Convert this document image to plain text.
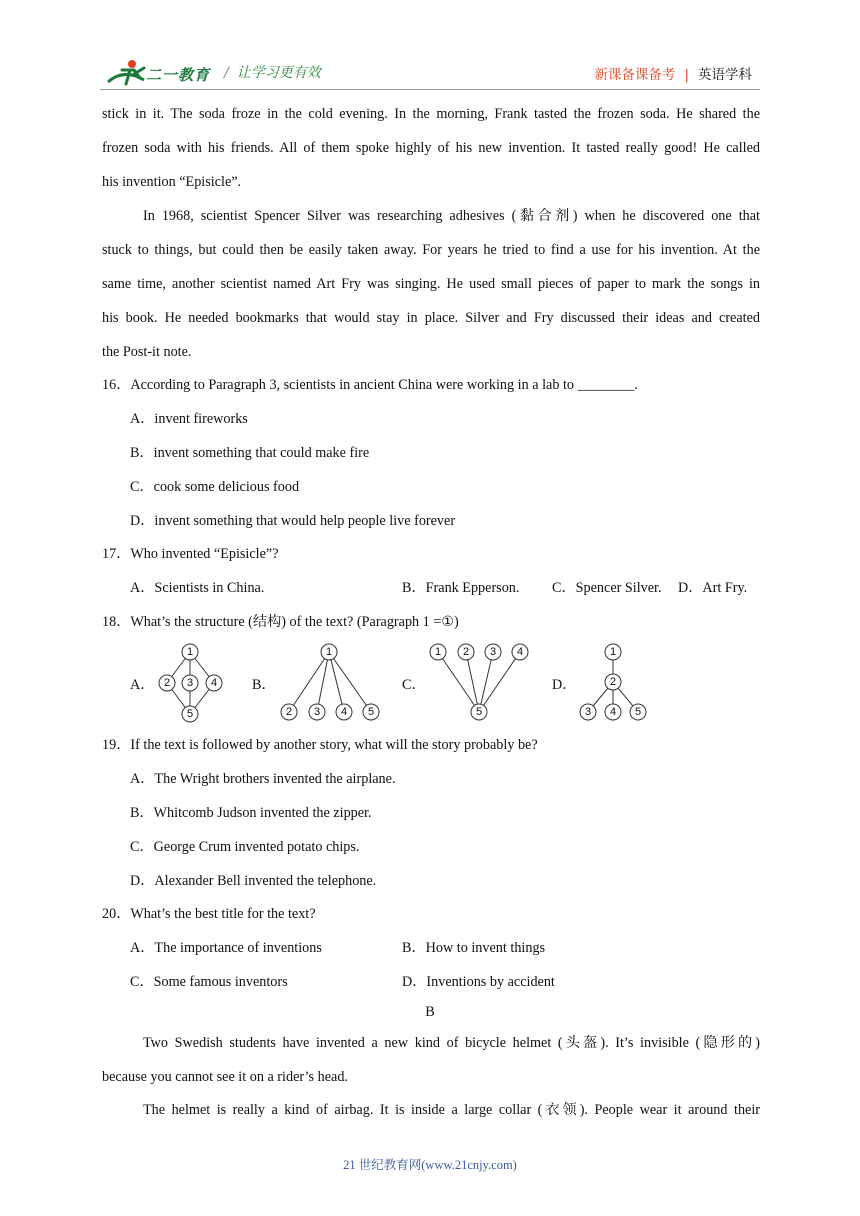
二一教育 / 让学习更有效	新课备课备考 | 英语学科
stick in it. The soda froze in the cold evening. In the morning, Frank tasted the frozen soda. He shared the
frozen soda with his friends. All of them spoke highly of his new invention. It tasted really good! He called
his invention “Episicle”.
In 1968, scientist Spencer Silver was researching adhesives (黏合剂) when he discovered one that
stuck to things, but could then be easily taken away. For years he tried to find a use for his invention. At the
same time, another scientist named Art Fry was singing. He used small pieces of paper to mark the songs in
his book. He needed bookmarks that would stay in place. Silver and Fry discussed their ideas and created
the Post-it note.
16．According to Paragraph 3, scientists in ancient China were working in a lab to ________.
A．invent fireworks
B．invent something that could make fire
C．cook some delicious food
D．invent something that would help people live forever
17．Who invented “Episicle”?
A．Scientists in China.	B．Frank Epperson. C．Spencer Silver. D．Art Fry.
18．What’s the structure (结构) of the text? (Paragraph 1 =①)
A．
1
2 3 4
5
B．
1
2 3 4 5
C．
1 2 3 4
5
D．
1
2
3 4 5
19．If the text is followed by another story, what will the story probably be?
A．The Wright brothers invented the airplane.
B．Whitcomb Judson invented the zipper.
C．George Crum invented potato chips.
D．Alexander Bell invented the telephone.
20．What’s the best title for the text?
A．The importance of inventions	B．How to invent things
C．Some famous inventors	D．Inventions by accident
B
Two Swedish students have invented a new kind of bicycle helmet (头盔). It’s invisible (隐形的)
because you cannot see it on a rider’s head.
The helmet is really a kind of airbag. It is inside a large collar (衣领). People wear it around their
21 世纪教育网(www.21cnjy.com)
